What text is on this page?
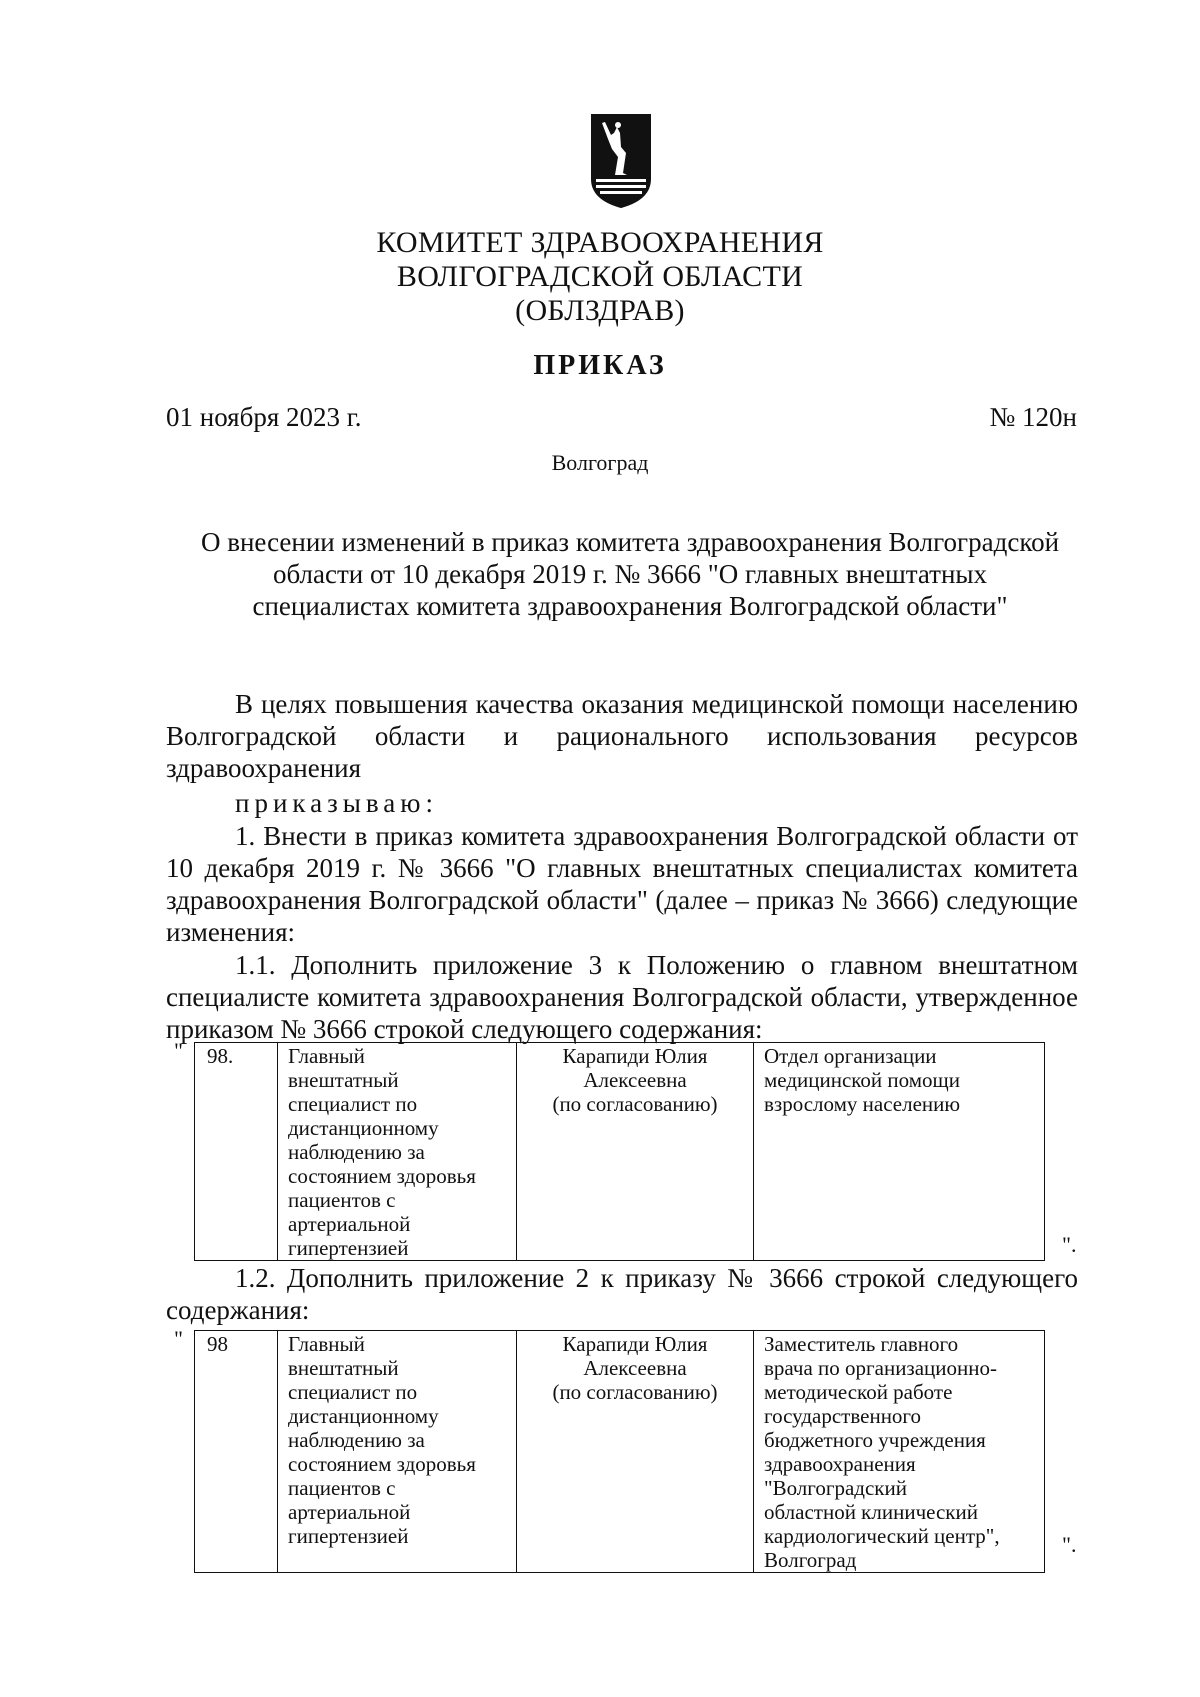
КОМИТЕТ ЗДРАВООХРАНЕНИЯ
ВОЛГОГРАДСКОЙ ОБЛАСТИ
(ОБЛЗДРАВ)
ПРИКАЗ
01 ноября 2023 г.	№ 120н
Волгоград
О внесении изменений в приказ комитета здравоохранения Волгоградской области от 10 декабря 2019 г. № 3666 "О главных внештатных специалистах комитета здравоохранения Волгоградской области"
В целях повышения качества оказания медицинской помощи населению Волгоградской области и рационального использования ресурсов здравоохранения
приказываю:
1. Внести в приказ комитета здравоохранения Волгоградской области от 10 декабря 2019 г. № 3666 "О главных внештатных специалистах комитета здравоохранения Волгоградской области" (далее – приказ № 3666) следующие изменения:
1.1. Дополнить приложение 3 к Положению о главном внештатном специалисте комитета здравоохранения Волгоградской области, утвержденное приказом № 3666 строкой следующего содержания:
" 98.	Главный
внештатный
специалист по
дистанционному
наблюдению за
состоянием здоровья
пациентов с
артериальной
гипертензией

Карапиди Юлия
Алексеевна
(по согласованию)

Отдел организации
медицинской помощи
взрослому населению
".
1.2. Дополнить приложение 2 к приказу № 3666 строкой следующего содержания:
" 98	Главный
внештатный
специалист по
дистанционному
наблюдению за
состоянием здоровья
пациентов с
артериальной
гипертензией

Карапиди Юлия
Алексеевна
(по согласованию)

Заместитель главного
врача по организационно-
методической работе
государственного
бюджетного учреждения
здравоохранения
"Волгоградский
областной клинический
кардиологический центр",
Волгоград
".
